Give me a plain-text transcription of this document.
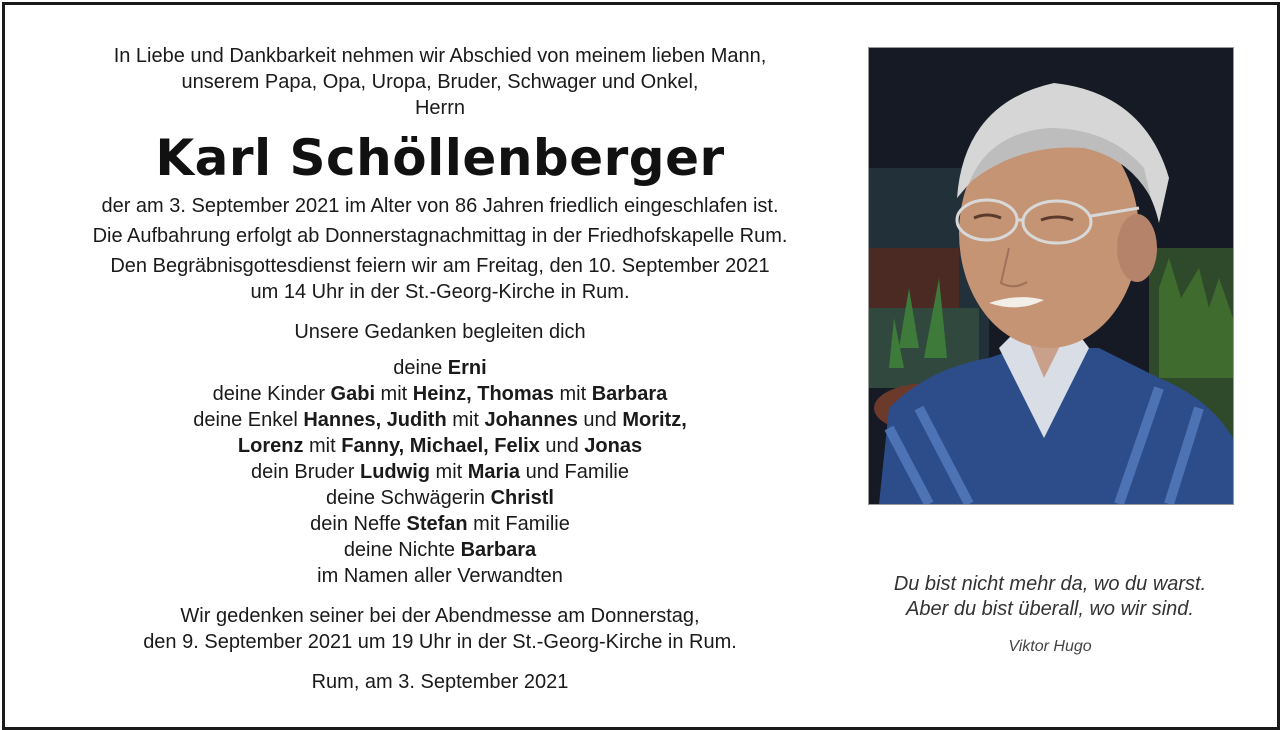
In Liebe und Dankbarkeit nehmen wir Abschied von meinem lieben Mann,
unserem Papa, Opa, Uropa, Bruder, Schwager und Onkel,
Herrn
Karl Schöllenberger
der am 3. September 2021 im Alter von 86 Jahren friedlich eingeschlafen ist.
Die Aufbahrung erfolgt ab Donnerstagnachmittag in der Friedhofskapelle Rum.
Den Begräbnisgottesdienst feiern wir am Freitag, den 10. September 2021
um 14 Uhr in der St.-Georg-Kirche in Rum.
Unsere Gedanken begleiten dich
deine Erni
deine Kinder Gabi mit Heinz, Thomas mit Barbara
deine Enkel Hannes, Judith mit Johannes und Moritz,
Lorenz mit Fanny, Michael, Felix und Jonas
dein Bruder Ludwig mit Maria und Familie
deine Schwägerin Christl
dein Neffe Stefan mit Familie
deine Nichte Barbara
im Namen aller Verwandten
Wir gedenken seiner bei der Abendmesse am Donnerstag,
den 9. September 2021 um 19 Uhr in der St.-Georg-Kirche in Rum.
Rum, am 3. September 2021
Du bist nicht mehr da, wo du warst.
Aber du bist überall, wo wir sind.
Viktor Hugo
